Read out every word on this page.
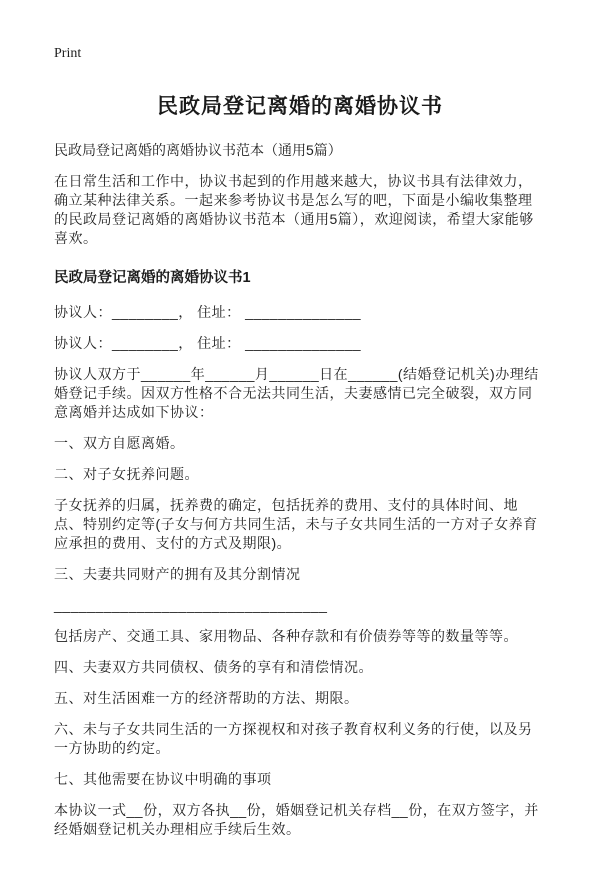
Print
民政局登记离婚的离婚协议书
民政局登记离婚的离婚协议书范本（通用5篇）

在日常生活和工作中，协议书起到的作用越来越大，协议书具有法律效力，确立某种法律关系。一起来参考协议书是怎么写的吧，下面是小编收集整理的民政局登记离婚的离婚协议书范本（通用5篇），欢迎阅读，希望大家能够喜欢。

民政局登记离婚的离婚协议书1

协议人：________， 住址： ______________

协议人：________， 住址： ______________

协议人双方于______年______月______日在______(结婚登记机关)办理结婚登记手续。因双方性格不合无法共同生活，夫妻感情已完全破裂，双方同意离婚并达成如下协议：

一、双方自愿离婚。

二、对子女抚养问题。

子女抚养的归属，抚养费的确定，包括抚养的费用、支付的具体时间、地点、特别约定等(子女与何方共同生活，未与子女共同生活的一方对子女养育应承担的费用、支付的方式及期限)。

三、夫妻共同财产的拥有及其分割情况

_________________________________

包括房产、交通工具、家用物品、各种存款和有价债券等等的数量等等。

四、夫妻双方共同债权、债务的享有和清偿情况。

五、对生活困难一方的经济帮助的方法、期限。

六、未与子女共同生活的一方探视权和对孩子教育权利义务的行使，以及另一方协助的约定。

七、其他需要在协议中明确的事项

本协议一式__份，双方各执__份，婚姻登记机关存档__份，在双方签字，并经婚姻登记机关办理相应手续后生效。
